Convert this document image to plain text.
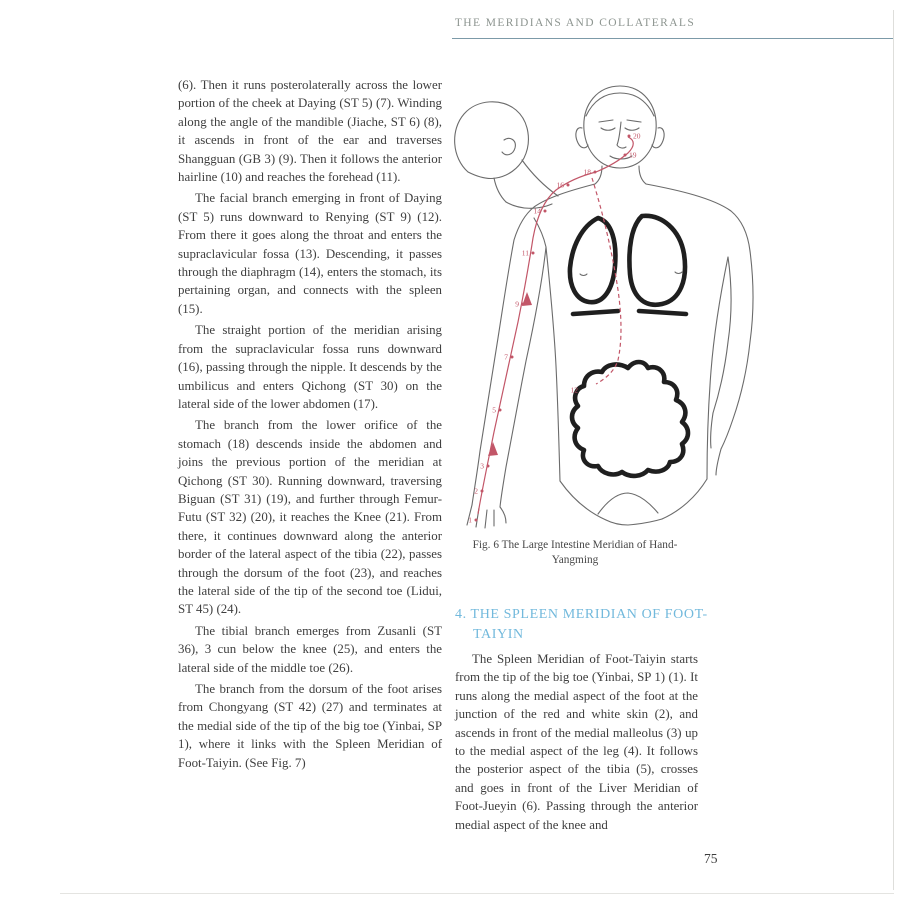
THE MERIDIANS AND COLLATERALS

(6). Then it runs posterolaterally across the lower portion of the cheek at Daying (ST 5) (7). Winding along the angle of the mandible (Jiache, ST 6) (8), it ascends in front of the ear and traverses Shangguan (GB 3) (9). Then it follows the anterior hairline (10) and reaches the forehead (11).

The facial branch emerging in front of Daying (ST 5) runs downward to Renying (ST 9) (12). From there it goes along the throat and enters the supraclavicular fossa (13). Descending, it passes through the diaphragm (14), enters the stomach, its pertaining organ, and connects with the spleen (15).

The straight portion of the meridian arising from the supraclavicular fossa runs downward (16), passing through the nipple. It descends by the umbilicus and enters Qichong (ST 30) on the lateral side of the lower abdomen (17).

The branch from the lower orifice of the stomach (18) descends inside the abdomen and joins the previous portion of the meridian at Qichong (ST 30). Running downward, traversing Biguan (ST 31) (19), and further through Femur-Futu (ST 32) (20), it reaches the Knee (21). From there, it continues downward along the anterior border of the lateral aspect of the tibia (22), passes through the dorsum of the foot (23), and reaches the lateral side of the tip of the second toe (Lidui, ST 45) (24).

The tibial branch emerges from Zusanli (ST 36), 3 cun below the knee (25), and enters the lateral side of the middle toe (26).

The branch from the dorsum of the foot arises from Chongyang (ST 42) (27) and terminates at the medial side of the tip of the big toe (Yinbai, SP 1), where it links with the Spleen Meridian of Foot-Taiyin. (See Fig. 7)

1
2
3
5
7
9
11
14
16
18
19
20
12
Fig. 6 The Large Intestine Meridian of Hand-
Yangming
4. THE SPLEEN MERIDIAN OF FOOT-
TAIYIN

The Spleen Meridian of Foot-Taiyin starts from the tip of the big toe (Yinbai, SP 1) (1). It runs along the medial aspect of the foot at the junction of the red and white skin (2), and ascends in front of the medial malleolus (3) up to the medial aspect of the leg (4). It follows the posterior aspect of the tibia (5), crosses and goes in front of the Liver Meridian of Foot-Jueyin (6). Passing through the anterior medial aspect of the knee and

75
